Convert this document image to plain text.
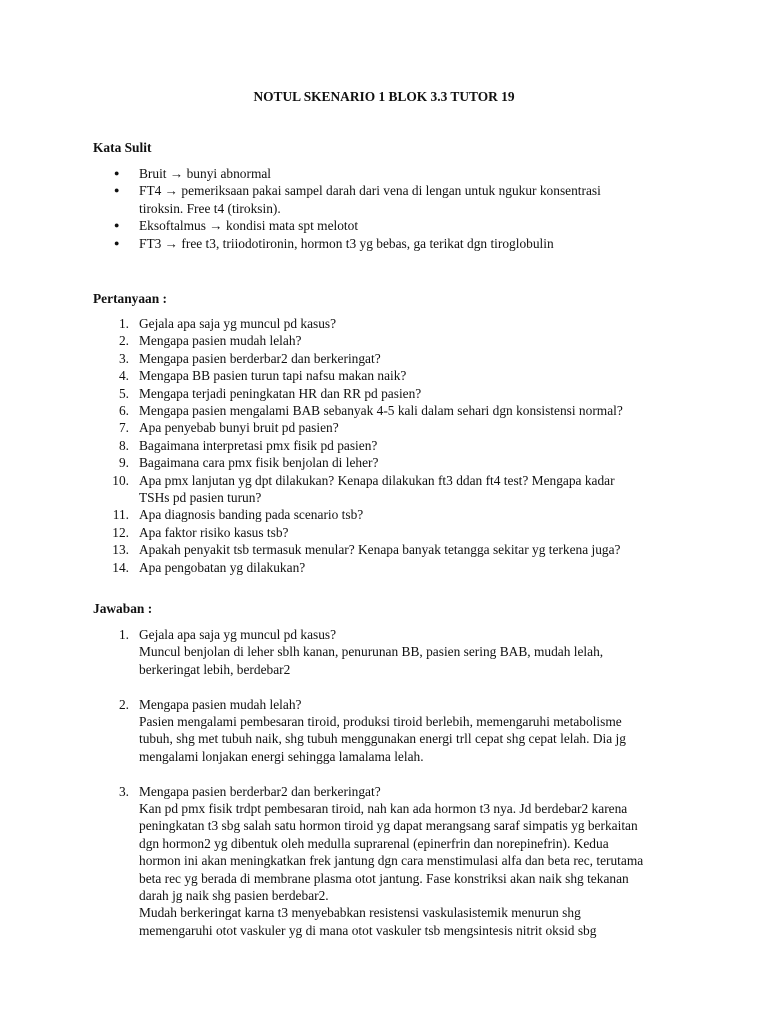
NOTUL SKENARIO 1 BLOK 3.3 TUTOR 19
Kata Sulit
● Bruit → bunyi abnormal
● FT4 → pemeriksaan pakai sampel darah dari vena di lengan untuk ngukur konsentrasi
tiroksin. Free t4 (tiroksin).
● Eksoftalmus → kondisi mata spt melotot
● FT3 → free t3, triiodotironin, hormon t3 yg bebas, ga terikat dgn tiroglobulin
Pertanyaan :
1. Gejala apa saja yg muncul pd kasus?
2. Mengapa pasien mudah lelah?
3. Mengapa pasien berderbar2 dan berkeringat?
4. Mengapa BB pasien turun tapi nafsu makan naik?
5. Mengapa terjadi peningkatan HR dan RR pd pasien?
6. Mengapa pasien mengalami BAB sebanyak 4-5 kali dalam sehari dgn konsistensi normal?
7. Apa penyebab bunyi bruit pd pasien?
8. Bagaimana interpretasi pmx fisik pd pasien?
9. Bagaimana cara pmx fisik benjolan di leher?
10. Apa pmx lanjutan yg dpt dilakukan? Kenapa dilakukan ft3 ddan ft4 test? Mengapa kadar
TSHs pd pasien turun?
11. Apa diagnosis banding pada scenario tsb?
12. Apa faktor risiko kasus tsb?
13. Apakah penyakit tsb termasuk menular? Kenapa banyak tetangga sekitar yg terkena juga?
14. Apa pengobatan yg dilakukan?
Jawaban :
1. Gejala apa saja yg muncul pd kasus?
Muncul benjolan di leher sblh kanan, penurunan BB, pasien sering BAB, mudah lelah,
berkeringat lebih, berdebar2
2. Mengapa pasien mudah lelah?
Pasien mengalami pembesaran tiroid, produksi tiroid berlebih, memengaruhi metabolisme
tubuh, shg met tubuh naik, shg tubuh menggunakan energi trll cepat shg cepat lelah. Dia jg
mengalami lonjakan energi sehingga lamalama lelah.
3. Mengapa pasien berderbar2 dan berkeringat?
Kan pd pmx fisik trdpt pembesaran tiroid, nah kan ada hormon t3 nya. Jd berdebar2 karena
peningkatan t3 sbg salah satu hormon tiroid yg dapat merangsang saraf simpatis yg berkaitan
dgn hormon2 yg dibentuk oleh medulla suprarenal (epinerfrin dan norepinefrin). Kedua
hormon ini akan meningkatkan frek jantung dgn cara menstimulasi alfa dan beta rec, terutama
beta rec yg berada di membrane plasma otot jantung. Fase konstriksi akan naik shg tekanan
darah jg naik shg pasien berdebar2.
Mudah berkeringat karna t3 menyebabkan resistensi vaskulasistemik menurun shg
memengaruhi otot vaskuler yg di mana otot vaskuler tsb mengsintesis nitrit oksid sbg
